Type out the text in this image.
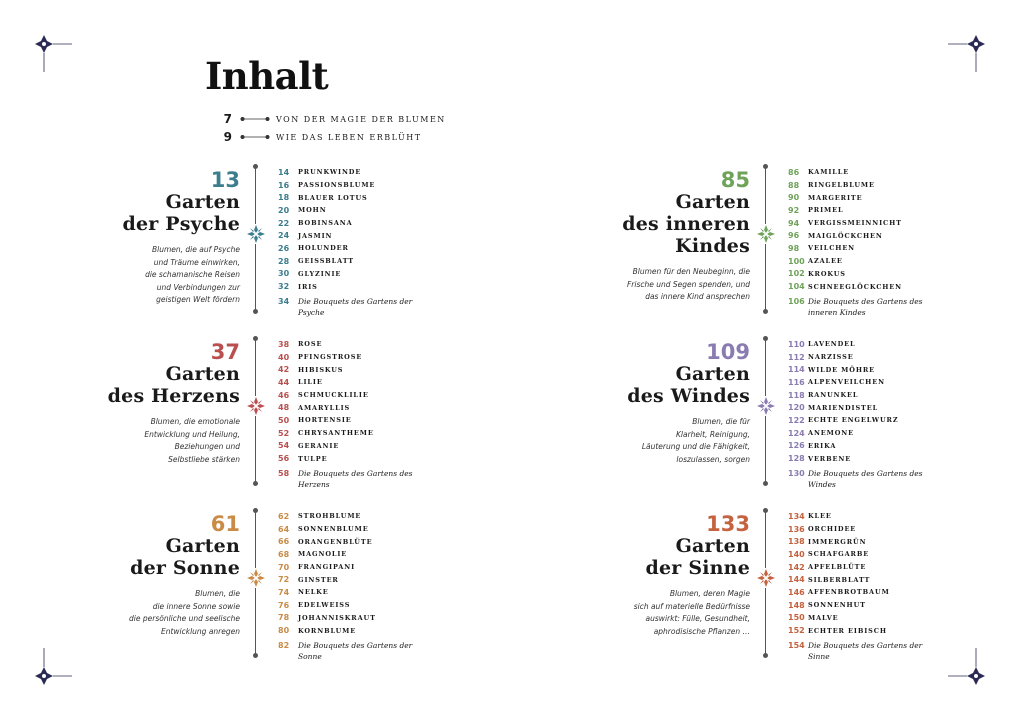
Inhalt
7	VON DER MAGIE DER BLUMEN
9	WIE DAS LEBEN ERBLÜHT
13
Garten
der Psyche
Blumen, die auf Psyche
und Träume einwirken,
die schamanische Reisen
und Verbindungen zur
geistigen Welt fördern
14	PRUNKWINDE
16	PASSIONSBLUME
18	BLAUER LOTUS
20	MOHN
22	BOBINSANA
24	JASMIN
26	HOLUNDER
28	GEISSBLATT
30	GLYZINIE
32	IRIS
34	Die Bouquets des Gartens der Psyche
37
Garten
des Herzens
Blumen, die emotionale
Entwicklung und Heilung,
Beziehungen und
Selbstliebe stärken
38	ROSE
40	PFINGSTROSE
42	HIBISKUS
44	LILIE
46	SCHMUCKLILIE
48	AMARYLLIS
50	HORTENSIE
52	CHRYSANTHEME
54	GERANIE
56	TULPE
58	Die Bouquets des Gartens des Herzens
61
Garten
der Sonne
Blumen, die
die innere Sonne sowie
die persönliche und seelische
Entwicklung anregen
62	STROHBLUME
64	SONNENBLUME
66	ORANGENBLÜTE
68	MAGNOLIE
70	FRANGIPANI
72	GINSTER
74	NELKE
76	EDELWEISS
78	JOHANNISKRAUT
80	KORNBLUME
82	Die Bouquets des Gartens der Sonne
85
Garten
des inneren
Kindes
Blumen für den Neubeginn, die
Frische und Segen spenden, und
das innere Kind ansprechen
86	KAMILLE
88	RINGELBLUME
90	MARGERITE
92	PRIMEL
94	VERGISSMEINNICHT
96	MAIGLÖCKCHEN
98	VEILCHEN
100 AZALEE
102 KROKUS
104 SCHNEEGLÖCKCHEN
106 Die Bouquets des Gartens des inneren Kindes
109
Garten
des Windes
Blumen, die für
Klarheit, Reinigung,
Läuterung und die Fähigkeit,
loszulassen, sorgen
110 LAVENDEL
112 NARZISSE
114 WILDE MÖHRE
116 ALPENVEILCHEN
118 RANUNKEL
120 MARIENDISTEL
122 ECHTE ENGELWURZ
124 ANEMONE
126 ERIKA
128 VERBENE
130 Die Bouquets des Gartens des Windes
133
Garten
der Sinne
Blumen, deren Magie
sich auf materielle Bedürfnisse
auswirkt: Fülle, Gesundheit,
aphrodisische Pflanzen …
134 KLEE
136 ORCHIDEE
138 IMMERGRÜN
140 SCHAFGARBE
142 APFELBLÜTE
144 SILBERBLATT
146 AFFENBROTBAUM
148 SONNENHUT
150 MALVE
152 ECHTER EIBISCH
154 Die Bouquets des Gartens der Sinne
